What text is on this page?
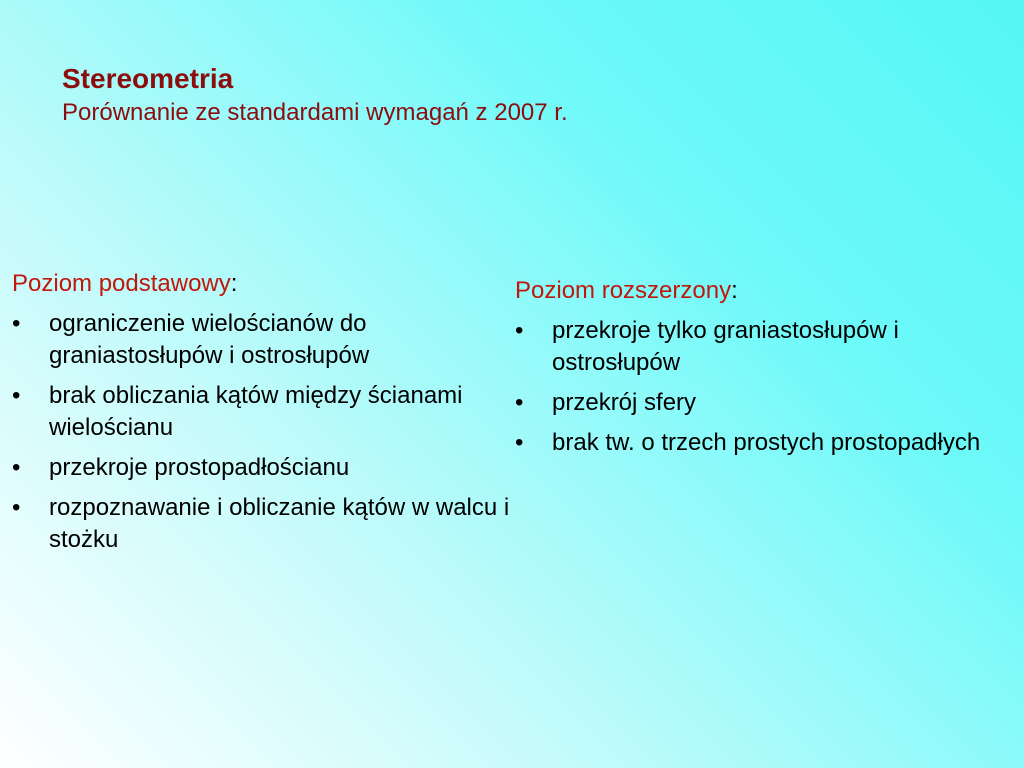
Stereometria

Porównanie ze standardami wymagań z 2007 r.

Poziom podstawowy:

•	ograniczenie wielościanów do graniastosłupów i ostrosłupów
•	brak obliczania kątów między ścianami wielościanu
•	przekroje prostopadłościanu
•	rozpoznawanie i obliczanie kątów w walcu i stożku

Poziom rozszerzony:

•	przekroje tylko graniastosłupów i ostrosłupów
•	przekrój sfery
•	brak tw. o trzech prostych prostopadłych
